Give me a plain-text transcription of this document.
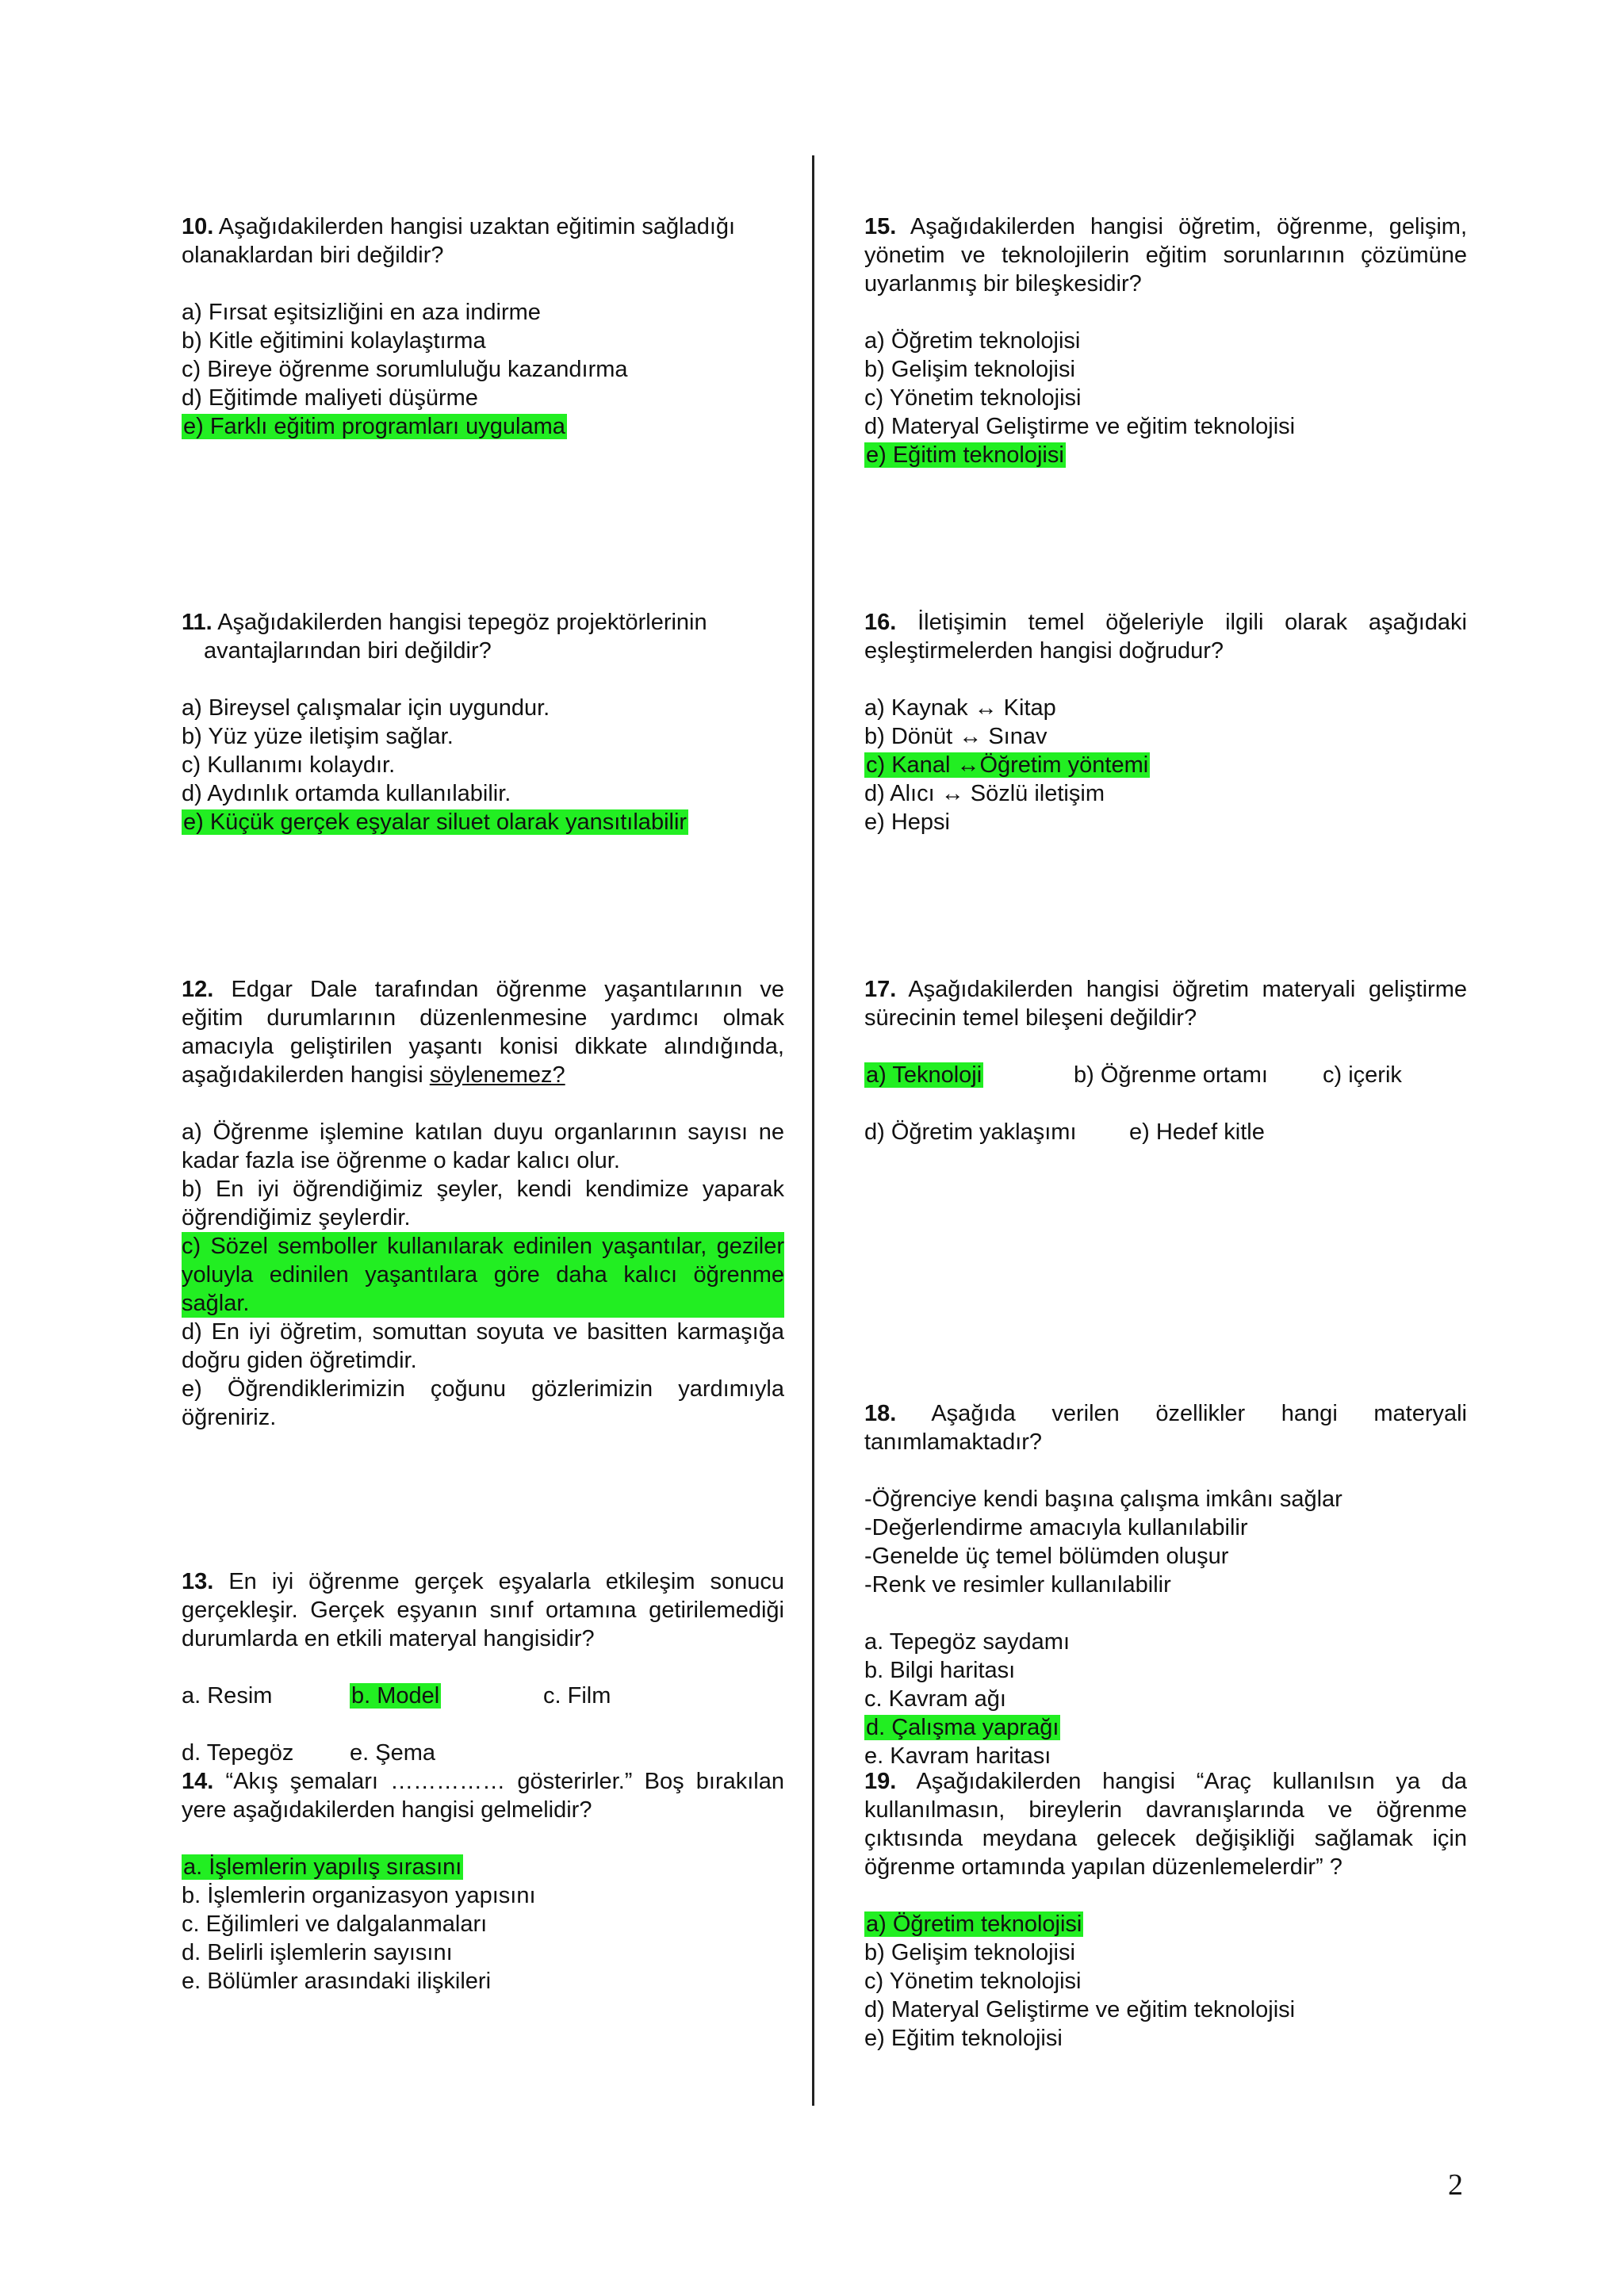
10. Aşağıdakilerden hangisi uzaktan eğitimin sağladığı olanaklardan biri değildir?
a) Fırsat eşitsizliğini en aza indirme
b) Kitle eğitimini kolaylaştırma
c) Bireye öğrenme sorumluluğu kazandırma
d) Eğitimde maliyeti düşürme
e) Farklı eğitim programları uygulama
11. Aşağıdakilerden hangisi tepegöz projektörlerinin avantajlarından biri değildir?
a) Bireysel çalışmalar için uygundur.
b) Yüz yüze iletişim sağlar.
c) Kullanımı kolaydır.
d) Aydınlık ortamda kullanılabilir.
e) Küçük gerçek eşyalar siluet olarak yansıtılabilir
12. Edgar Dale tarafından öğrenme yaşantılarının ve eğitim durumlarının düzenlenmesine yardımcı olmak amacıyla geliştirilen yaşantı konisi dikkate alındığında, aşağıdakilerden hangisi söylenemez?
a) Öğrenme işlemine katılan duyu organlarının sayısı ne kadar fazla ise öğrenme o kadar kalıcı olur.
b) En iyi öğrendiğimiz şeyler, kendi kendimize yaparak öğrendiğimiz şeylerdir.
c) Sözel semboller kullanılarak edinilen yaşantılar, geziler yoluyla edinilen yaşantılara göre daha kalıcı öğrenme sağlar.
d) En iyi öğretim, somuttan soyuta ve basitten karmaşığa doğru giden öğretimdir.
e) Öğrendiklerimizin çoğunu gözlerimizin yardımıyla öğreniriz.
13. En iyi öğrenme gerçek eşyalarla etkileşim sonucu gerçekleşir. Gerçek eşyanın sınıf ortamına getirilemediği durumlarda en etkili materyal hangisidir?
a. Resim	b. Model	c. Film
d. Tepegöz	e. Şema
14. “Akış şemaları …………… gösterirler.” Boş bırakılan yere aşağıdakilerden hangisi gelmelidir?
a. İşlemlerin yapılış sırasını
b. İşlemlerin organizasyon yapısını
c. Eğilimleri ve dalgalanmaları
d. Belirli işlemlerin sayısını
e. Bölümler arasındaki ilişkileri
15. Aşağıdakilerden hangisi öğretim, öğrenme, gelişim, yönetim ve teknolojilerin eğitim sorunlarının çözümüne uyarlanmış bir bileşkesidir?
a) Öğretim teknolojisi
b) Gelişim teknolojisi
c) Yönetim teknolojisi
d) Materyal Geliştirme ve eğitim teknolojisi
e) Eğitim teknolojisi
16. İletişimin temel öğeleriyle ilgili olarak aşağıdaki eşleştirmelerden hangisi doğrudur?
a) Kaynak ↔ Kitap
b) Dönüt ↔ Sınav
c) Kanal ↔Öğretim yöntemi
d) Alıcı ↔ Sözlü iletişim
e) Hepsi
17. Aşağıdakilerden hangisi öğretim materyali geliştirme sürecinin temel bileşeni değildir?
a) Teknoloji	b) Öğrenme ortamı	c) içerik
d) Öğretim yaklaşımı	e) Hedef kitle
18. Aşağıda verilen özellikler hangi materyali tanımlamaktadır?
-Öğrenciye kendi başına çalışma imkânı sağlar
-Değerlendirme amacıyla kullanılabilir
-Genelde üç temel bölümden oluşur
-Renk ve resimler kullanılabilir
a. Tepegöz saydamı
b. Bilgi haritası
c. Kavram ağı
d. Çalışma yaprağı
e. Kavram haritası
19. Aşağıdakilerden hangisi “Araç kullanılsın ya da kullanılmasın, bireylerin davranışlarında ve öğrenme çıktısında meydana gelecek değişikliği sağlamak için öğrenme ortamında yapılan düzenlemelerdir” ?
a) Öğretim teknolojisi
b) Gelişim teknolojisi
c) Yönetim teknolojisi
d) Materyal Geliştirme ve eğitim teknolojisi
e) Eğitim teknolojisi
2
